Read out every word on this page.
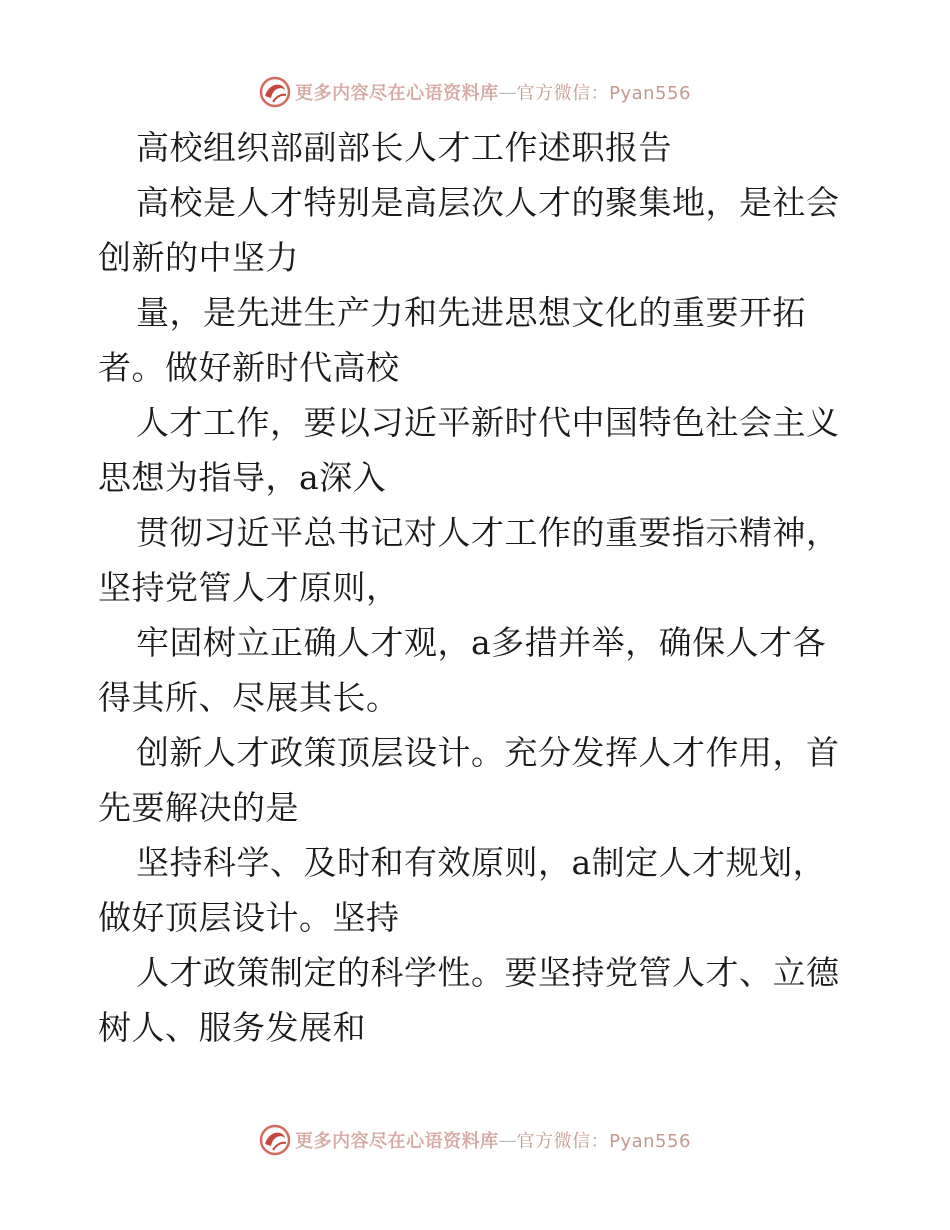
更多内容尽在心语资料库 — 官方微信：Pyan556
高校组织部副部长人才工作述职报告
高校是人才特别是高层次人才的聚集地，是社会
创新的中坚力
量，是先进生产力和先进思想文化的重要开拓
者。做好新时代高校
人才工作，要以习近平新时代中国特色社会主义
思想为指导，a深入
贯彻习近平总书记对人才工作的重要指示精神，
坚持党管人才原则，
牢固树立正确人才观，a多措并举，确保人才各
得其所、尽展其长。
创新人才政策顶层设计。充分发挥人才作用，首
先要解决的是
坚持科学、及时和有效原则，a制定人才规划，
做好顶层设计。坚持
人才政策制定的科学性。要坚持党管人才、立德
树人、服务发展和
更多内容尽在心语资料库 — 官方微信：Pyan556
